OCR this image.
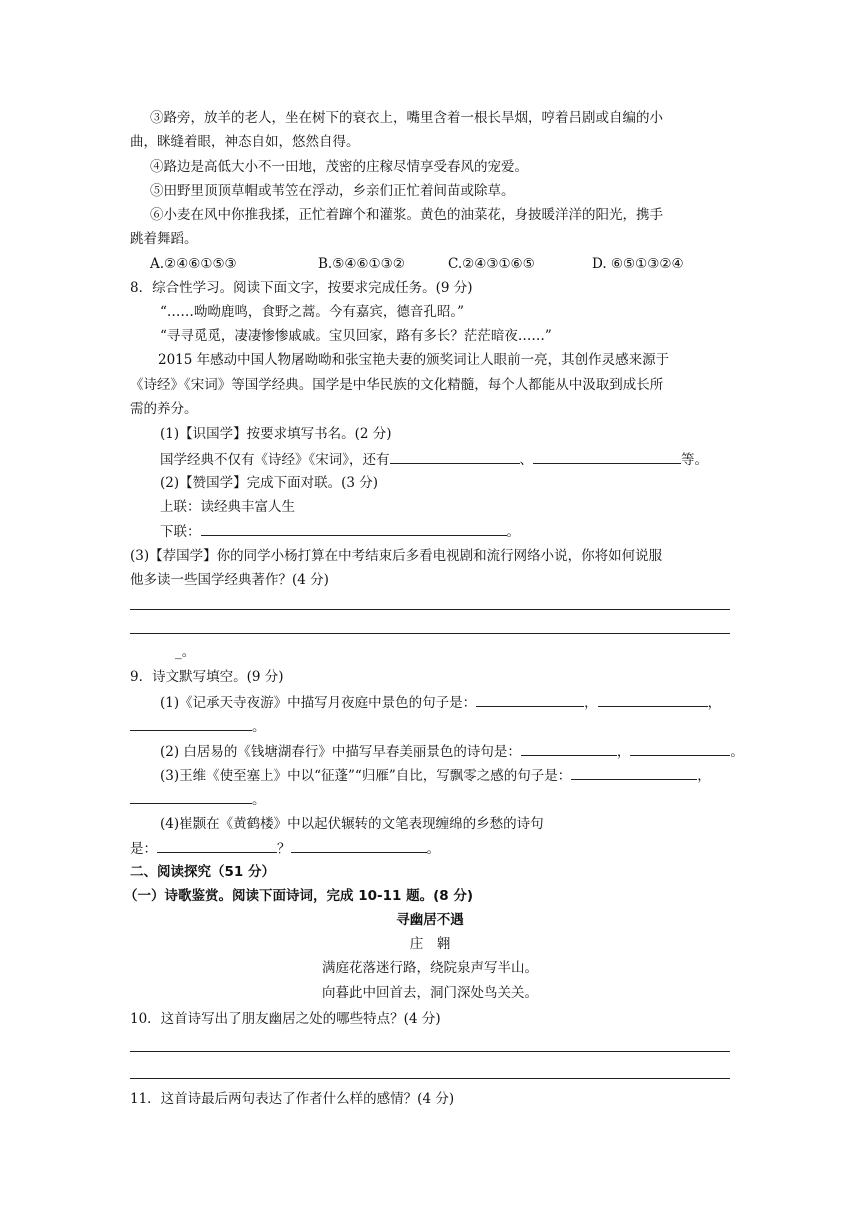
③路旁，放羊的老人，坐在树下的衰衣上，嘴里含着一根长旱烟，哼着吕剧或自编的小
曲，眯缝着眼，神态自如，悠然自得。
④路边是高低大小不一田地，茂密的庄稼尽情享受春风的宠爱。
⑤田野里顶顶草帽或苇笠在浮动，乡亲们正忙着间苗或除草。
⑥小麦在风中你推我揉，正忙着蹿个和灌浆。黄色的油菜花，身披暖洋洋的阳光，携手
跳着舞蹈。
A.②④⑥①⑤③	B.⑤④⑥①③②	C.②④③①⑥⑤	D. ⑥⑤①③②④
8．综合性学习。阅读下面文字，按要求完成任务。(9 分)
“……呦呦鹿鸣，食野之蒿。今有嘉宾，德音孔昭。”
“寻寻觅觅，凄凄惨惨戚戚。宝贝回家，路有多长？茫茫暗夜……”
2015 年感动中国人物屠呦呦和张宝艳夫妻的颁奖词让人眼前一亮，其创作灵感来源于
《诗经》《宋词》等国学经典。国学是中华民族的文化精髓，每个人都能从中汲取到成长所
需的养分。
(1)【识国学】按要求填写书名。(2 分)
国学经典不仅有《诗经》《宋词》，还有	、	等。
(2)【赞国学】完成下面对联。(3 分)
上联：读经典丰富人生
下联：	。
(3)【荐国学】你的同学小杨打算在中考结束后多看电视剧和流行网络小说，你将如何说服
他多读一些国学经典著作？(4 分)
_。
9．诗文默写填空。(9 分)
(1)《记承天寺夜游》中描写月夜庭中景色的句子是：	，	，
。
(2) 白居易的《钱塘湖春行》中描写早春美丽景色的诗句是：	，	。
(3)王维《使至塞上》中以“征蓬”“归雁”自比，写飘零之感的句子是：	，
。
(4)崔颢在《黄鹤楼》中以起伏辗转的文笔表现缠绵的乡愁的诗句
是：	？	。
二、阅读探究（51 分）
（一）诗歌鉴赏。阅读下面诗词，完成 10-11 题。(8 分)
寻幽居不遇
庄　翱
满庭花落迷行路，绕院泉声写半山。
向暮此中回首去，洞门深处鸟关关。
10．这首诗写出了朋友幽居之处的哪些特点？(4 分)
11．这首诗最后两句表达了作者什么样的感情？(4 分)
